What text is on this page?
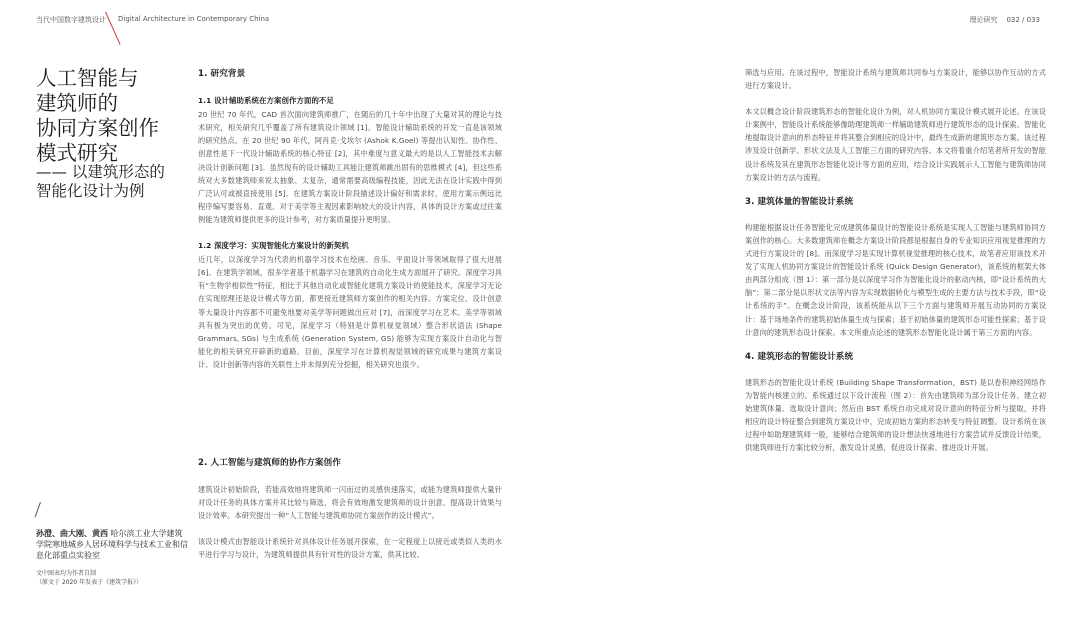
当代中国数字建筑设计 Digital Architecture in Contemporary China	理论研究 032 / 033
人工智能与
建筑师的
协同方案创作
模式研究
—— 以建筑形态的
智能化设计为例
孙澄、曲大刚、黄西 哈尔滨工业大学建筑学院寒地城乡人居环境科学与技术工业和信息化部重点实验室
文中图表均为作者自制
（原文于 2020 年发表于《建筑学报》）

1. 研究背景

1.1 设计辅助系统在方案创作方面的不足

20 世纪 70 年代，CAD 首次面向建筑师推广，在随后的几十年中出现了大量对其的理论与技术研究，相关研究几乎覆盖了所有建筑设计领域 [1]。智能设计辅助系统的开发一直是该领域的研究热点。在 20 世纪 90 年代，阿肖克·戈埃尔 (Ashok K.Goel) 等提出认知性、协作性、创意性是下一代设计辅助系统的核心特征 [2]，其中难度与意义最大的是以人工智能技术去解决设计创新问题 [3]。虽然现有的设计辅助工具能让建筑师跳出固有的思维模式 [4]，但这些系统对大多数建筑师来说太抽象、太复杂，通常需要高级编程技能，因此无法在设计实践中得到广泛认可或被直接使用 [5]。在建筑方案设计阶段描述设计偏好和需求时，使用方案示例远比程序编写要容易、直观。对于美学等主观因素影响较大的设计内容，具体的设计方案或过往案例能为建筑师提供更多的设计参考，对方案质量提升更明显。

1.2 深度学习：实现智能化方案设计的新契机

近几年，以深度学习为代表的机器学习技术在绘画、音乐、平面设计等领域取得了很大进展 [6]。在建筑学领域，很多学者基于机器学习在建筑的自动化生成方面展开了研究。深度学习具有“生物学相似性”特征，相比于其他自动化或智能化建筑方案设计的使能技术，深度学习无论在实现原理还是设计模式等方面，都更接近建筑师方案创作的相关内容。方案定位、设计创意等大量设计内容都不可避免地要对美学等问题做出应对 [7]，而深度学习在艺术、美学等领域具有极为突出的优势。可见，深度学习（特别是计算机视觉领域）整合形状语法 (Shape Grammars, SGs) 与生成系统 (Generation System, GS) 能够为实现方案设计自动化与智能化的相关研究开辟新的道路。目前，深度学习在计算机视觉领域的研究成果与建筑方案设计、设计创新等内容的关联性上并未得到充分挖掘，相关研究也很少。

2. 人工智能与建筑师的协作方案创作

建筑设计初始阶段，若能高效地将建筑师一闪而过的灵感快速落实，或能为建筑师提供大量针对设计任务的具体方案并其比较与筛选，将会有效地激发建筑师的设计创意、提高设计效果与设计效率。本研究提出一种“人工智能与建筑师协同方案创作的设计模式”。

该设计模式由智能设计系统针对具体设计任务展开探索，在一定程度上以接近或类似人类的水平进行学习与设计，为建筑师提供具有针对性的设计方案，供其比较、

筛选与应用。在该过程中，智能设计系统与建筑师共同参与方案设计，能够以协作互动的方式进行方案设计。

本文以概念设计阶段建筑形态的智能化设计为例，对人机协同方案设计模式展开论述。在该设计案例中，智能设计系统能够像助理建筑师一样辅助建筑师进行建筑形态的设计探索。智能化地提取设计意向的形态特征并将其整合到相应的设计中，最终生成新的建筑形态方案。该过程涉及设计创新学、形状文法及人工智能三方面的研究内容。本文将着重介绍笔者所开发的智能设计系统及其在建筑形态智能化设计等方面的应用，结合设计实践展示人工智能与建筑师协同方案设计的方法与流程。

3. 建筑体量的智能设计系统

构建能根据设计任务智能化完成建筑体量设计的智能设计系统是实现人工智能与建筑师协同方案创作的核心。大多数建筑师在概念方案设计阶段都是根据自身的专业知识应用视觉推理的方式进行方案设计的 [8]。而深度学习是实现计算机视觉推理的核心技术，故笔者应用该技术开发了实现人机协同方案设计的智能设计系统 (Quick Design Generator)，该系统的框架大体由两部分组成（图 1）：第一部分是以深度学习作为智能化设计的驱动内核，即“设计系统的大脑”；第二部分是以形状文法等内容为实现数据转化与模型生成的主要方法与技术手段，即“设计系统的手”。在概念设计阶段，该系统能从以下三个方面与建筑师开展互动协同的方案设计：基于场地条件的建筑初始体量生成与探索；基于初始体量的建筑形态可能性探索；基于设计意向的建筑形态设计探索。本文所重点论述的建筑形态智能化设计属于第三方面的内容。

4. 建筑形态的智能设计系统

建筑形态的智能化设计系统 (Building Shape Transformation，BST) 是以卷积神经网络作为智能内核建立的。系统通过以下设计流程（图 2）：首先由建筑师为部分设计任务、建立初始建筑体量、选取设计意向；然后由 BST 系统自动完成对设计意向的特征分析与提取，并将相应的设计特征整合到建筑方案设计中，完成初始方案的形态转变与特征调整。设计系统在该过程中如助理建筑师一般，能够结合建筑师的设计想法快速地进行方案尝试并反馈设计结果，供建筑师进行方案比较分析，激发设计灵感，促进设计探索、推进设计开展。
